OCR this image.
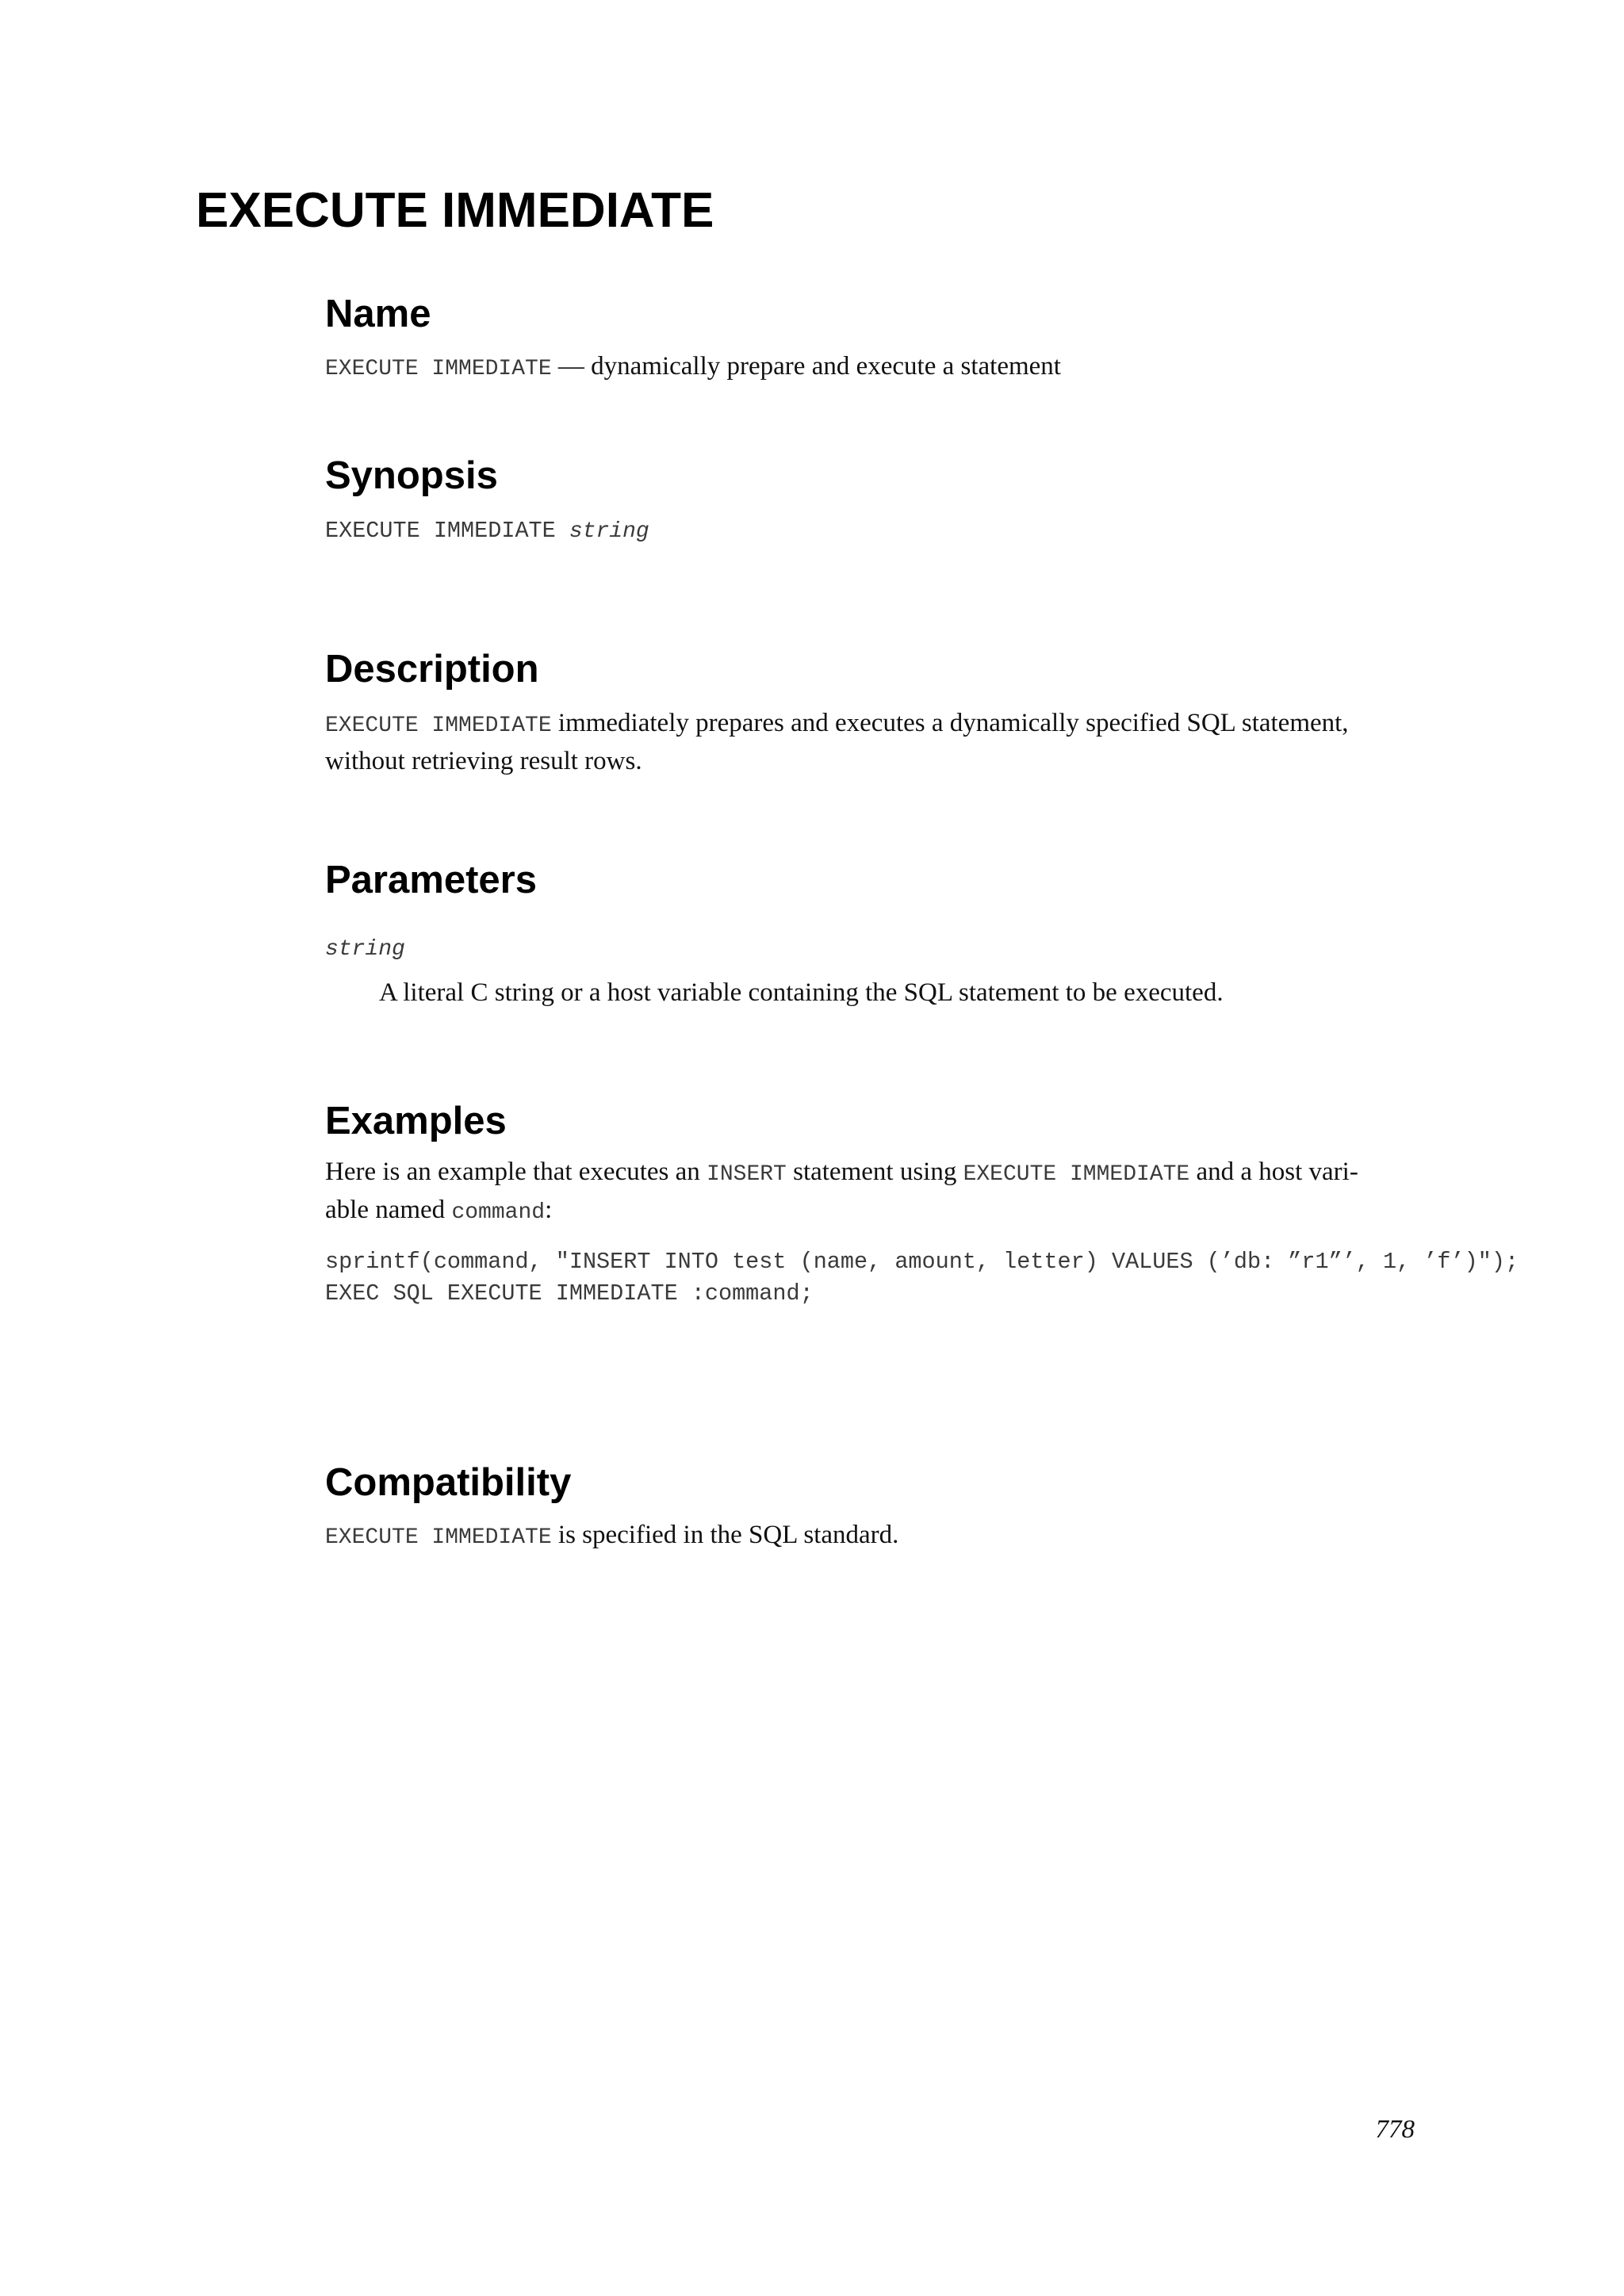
EXECUTE IMMEDIATE
Name

EXECUTE IMMEDIATE — dynamically prepare and execute a statement

Synopsis

EXECUTE IMMEDIATE string

Description

EXECUTE IMMEDIATE immediately prepares and executes a dynamically specified SQL statement,
without retrieving result rows.

Parameters

string

A literal C string or a host variable containing the SQL statement to be executed.

Examples

Here is an example that executes an INSERT statement using EXECUTE IMMEDIATE and a host vari-
able named command:

sprintf(command, "INSERT INTO test (name, amount, letter) VALUES (’db: ”r1”’, 1, ’f’)");
EXEC SQL EXECUTE IMMEDIATE :command;
Compatibility

EXECUTE IMMEDIATE is specified in the SQL standard.

778
